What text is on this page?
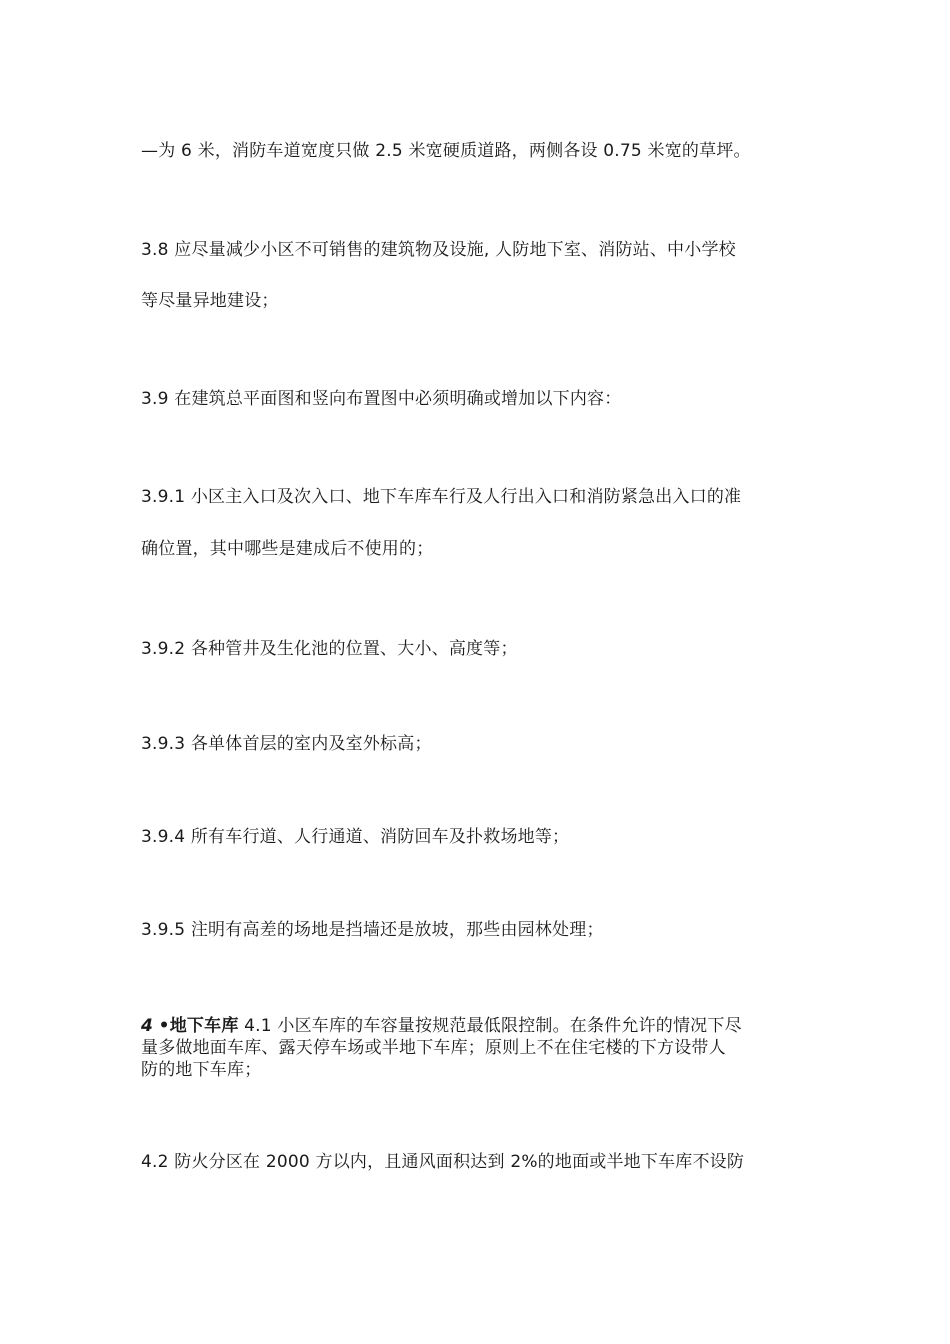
—为 6 米，消防车道宽度只做 2.5 米宽硬质道路，两侧各设 0.75 米宽的草坪。
3.8 应尽量减少小区不可销售的建筑物及设施, 人防地下室、消防站、中小学校
等尽量异地建设；
3.9 在建筑总平面图和竖向布置图中必须明确或增加以下内容：
3.9.1 小区主入口及次入口、地下车库车行及人行出入口和消防紧急出入口的准
确位置，其中哪些是建成后不使用的；
3.9.2 各种管井及生化池的位置、大小、高度等；
3.9.3 各单体首层的室内及室外标高；
3.9.4 所有车行道、人行通道、消防回车及扑救场地等；
3.9.5 注明有高差的场地是挡墙还是放坡，那些由园林处理；
4 •地下车库 4.1 小区车库的车容量按规范最低限控制。在条件允许的情况下尽
量多做地面车库、露天停车场或半地下车库；原则上不在住宅楼的下方设带人
防的地下车库；
4.2 防火分区在 2000 方以内，且通风面积达到 2%的地面或半地下车库不设防
